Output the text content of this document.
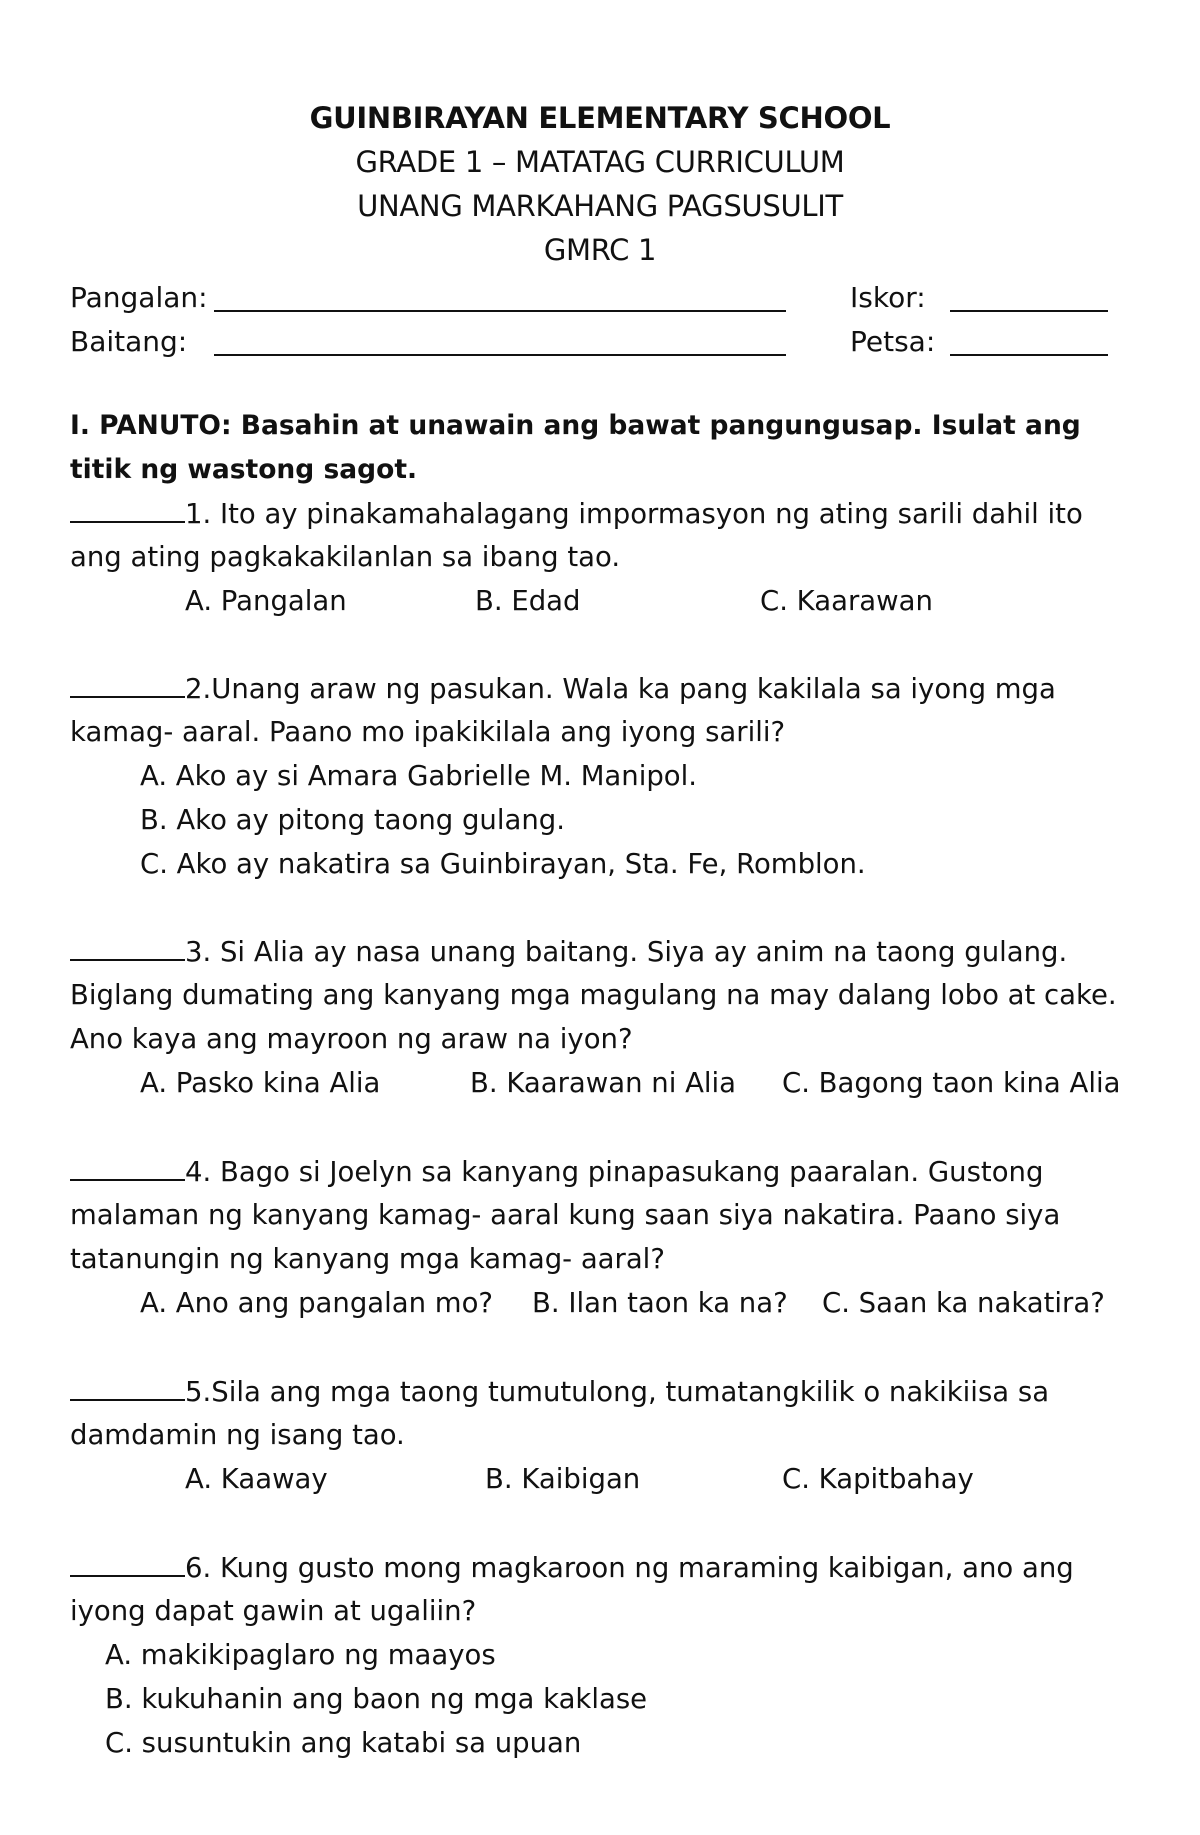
GUINBIRAYAN ELEMENTARY SCHOOL
GRADE 1 – MATATAG CURRICULUM
UNANG MARKAHANG PAGSUSULIT
GMRC 1
Pangalan:	Iskor:
Baitang:	Petsa:
I. PANUTO: Basahin at unawain ang bawat pangungusap. Isulat ang titik ng wastong sagot.
1. Ito ay pinakamahalagang impormasyon ng ating sarili dahil ito
ang ating pagkakakilanlan sa ibang tao.
A. Pangalan	B. Edad	C. Kaarawan
2.Unang araw ng pasukan. Wala ka pang kakilala sa iyong mga
kamag- aaral. Paano mo ipakikilala ang iyong sarili?
A. Ako ay si Amara Gabrielle M. Manipol.
B. Ako ay pitong taong gulang.
C. Ako ay nakatira sa Guinbirayan, Sta. Fe, Romblon.
3. Si Alia ay nasa unang baitang. Siya ay anim na taong gulang.
Biglang dumating ang kanyang mga magulang na may dalang lobo at cake.
Ano kaya ang mayroon ng araw na iyon?
A. Pasko kina Alia	B. Kaarawan ni Alia C. Bagong taon kina Alia
4. Bago si Joelyn sa kanyang pinapasukang paaralan. Gustong
malaman ng kanyang kamag- aaral kung saan siya nakatira. Paano siya
tatanungin ng kanyang mga kamag- aaral?
A. Ano ang pangalan mo? B. Ilan taon ka na? C. Saan ka nakatira?
5.Sila ang mga taong tumutulong, tumatangkilik o nakikiisa sa
damdamin ng isang tao.
A. Kaaway	B. Kaibigan	C. Kapitbahay
6. Kung gusto mong magkaroon ng maraming kaibigan, ano ang
iyong dapat gawin at ugaliin?
A. makikipaglaro ng maayos
B. kukuhanin ang baon ng mga kaklase
C. susuntukin ang katabi sa upuan
